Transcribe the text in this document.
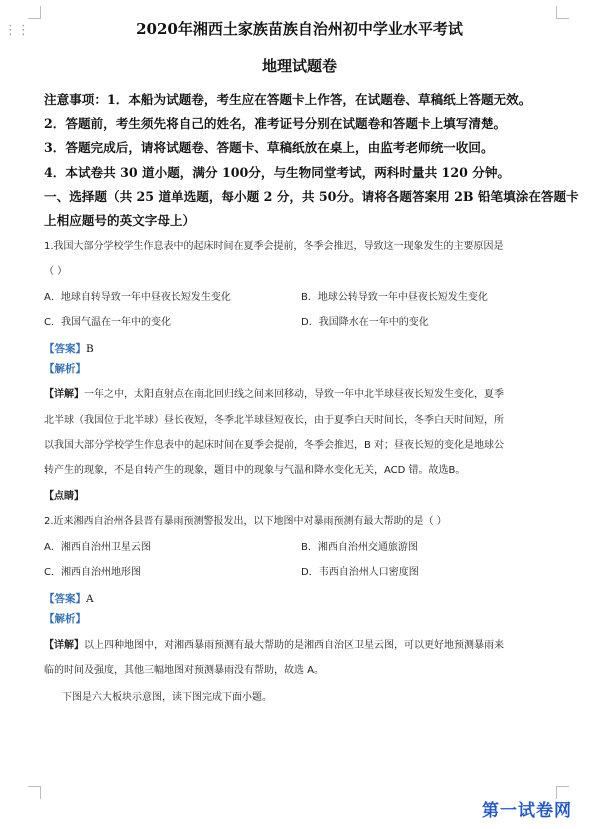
⋮⋮	2020年湘西土家族苗族自治州初中学业水平考试
地理试题卷
注意事项：1．本船为试题卷，考生应在答题卡上作答，在试题卷、草稿纸上答题无效。
2．答题前，考生须先将自己的姓名，准考证号分别在试题卷和答题卡上填写清楚。
3．答题完成后，请将试题卷、答题卡、草稿纸放在桌上，由监考老师统一收回。
4．本试卷共 30 道小题，满分 100分，与生物同堂考试，两科时量共 120 分钟。
一、选择题（共 25 道单选题，每小题 2 分，共 50分。请将各题答案用 2B 铅笔填涂在答题卡
上相应题号的英文字母上）
1.我国大部分学校学生作息表中的起床时间在夏季会提前，冬季会推迟，导致这一现象发生的主要原因是
（ ）
A．地球自转导致一年中昼夜长短发生变化	B．地球公转导致一年中昼夜长短发生变化
C．我国气温在一年中的变化	D．我国降水在一年中的变化
【答案】B
【解析】
【详解】一年之中，太阳直射点在南北回归线之间来回移动，导致一年中北半球昼夜长短发生变化，夏季
北半球（我国位于北半球）昼长夜短，冬季北半球昼短夜长，由于夏季白天时间长，冬季白天时间短，所
以我国大部分学校学生作息表中的起床时间在夏季会提前，冬季会推迟，B 对；昼夜长短的变化是地球公
转产生的现象，不是自转产生的现象，题目中的现象与气温和降水变化无关，ACD 错。故选B。
【点睛】
2.近来湘西自治州各县晋有暴雨预测警报发出，以下地图中对暴雨预测有最大帮助的是（ ）
A．湘西自治州卫星云图	B．湘西自治州交通旅游图
C．湘西自治州地形图	D．韦西自治州人口密度图
【答案】A
【解析】
【详解】以上四种地图中，对湘西暴雨预测有最大帮助的是湘西自治区卫星云图，可以更好地预测暴雨来
临的时间及强度，其他三幅地图对预测暴雨没有帮助，故选 A。
下图是六大板块示意图，读下图完成下面小题。
第一试卷网
